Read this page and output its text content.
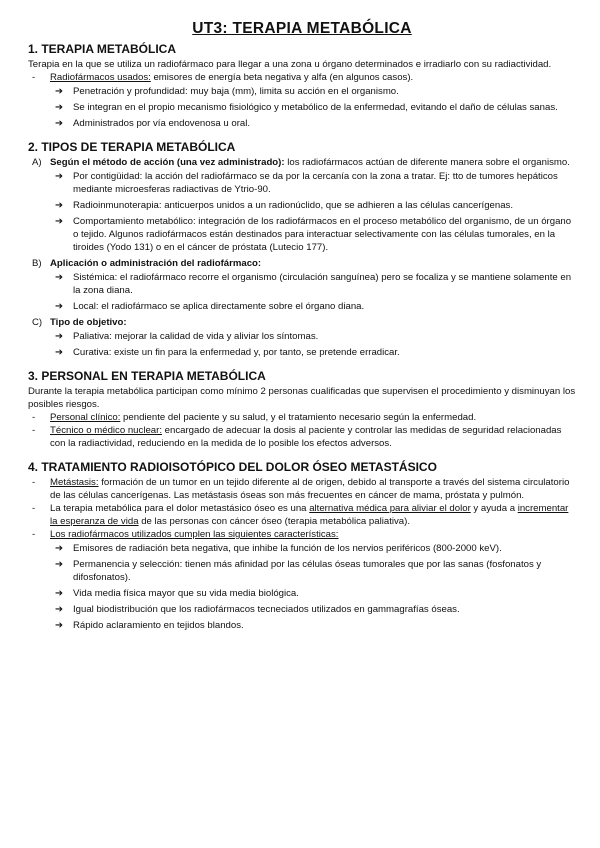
UT3: TERAPIA METABÓLICA
1. TERAPIA METABÓLICA

Terapia en la que se utiliza un radiofármaco para llegar a una zona u órgano determinados e irradiarlo con su radiactividad.

- Radiofármacos usados: emisores de energía beta negativa y alfa (en algunos casos).
➔ Penetración y profundidad: muy baja (mm), limita su acción en el organismo.
➔ Se integran en el propio mecanismo fisiológico y metabólico de la enfermedad, evitando el daño de células sanas.
➔ Administrados por vía endovenosa u oral.
2. TIPOS DE TERAPIA METABÓLICA
A) Según el método de acción (una vez administrado): los radiofármacos actúan de diferente manera sobre el organismo.
➔ Por contigüidad: la acción del radiofármaco se da por la cercanía con la zona a tratar. Ej: tto de tumores hepáticos mediante microesferas radiactivas de Ytrio-90.
➔ Radioinmunoterapia: anticuerpos unidos a un radionúclido, que se adhieren a las células cancerígenas.
➔ Comportamiento metabólico: integración de los radiofármacos en el proceso metabólico del organismo, de un órgano o tejido. Algunos radiofármacos están destinados para interactuar selectivamente con las células tumorales, en la tiroides (Yodo 131) o en el cáncer de próstata (Lutecio 177).
B) Aplicación o administración del radiofármaco:
➔ Sistémica: el radiofármaco recorre el organismo (circulación sanguínea) pero se focaliza y se mantiene solamente en la zona diana.
➔ Local: el radiofármaco se aplica directamente sobre el órgano diana.
C) Tipo de objetivo:
➔ Paliativa: mejorar la calidad de vida y aliviar los síntomas.
➔ Curativa: existe un fin para la enfermedad y, por tanto, se pretende erradicar.
3. PERSONAL EN TERAPIA METABÓLICA

Durante la terapia metabólica participan como mínimo 2 personas cualificadas que supervisen el procedimiento y disminuyan los posibles riesgos.

- Personal clínico: pendiente del paciente y su salud, y el tratamiento necesario según la enfermedad.
- Técnico o médico nuclear: encargado de adecuar la dosis al paciente y controlar las medidas de seguridad relacionadas con la radiactividad, reduciendo en la medida de lo posible los efectos adversos.
4. TRATAMIENTO RADIOISOTÓPICO DEL DOLOR ÓSEO METASTÁSICO
- Metástasis: formación de un tumor en un tejido diferente al de origen, debido al transporte a través del sistema circulatorio de las células cancerígenas. Las metástasis óseas son más frecuentes en cáncer de mama, próstata y pulmón.
- La terapia metabólica para el dolor metastásico óseo es una alternativa médica para aliviar el dolor y ayuda a incrementar la esperanza de vida de las personas con cáncer óseo (terapia metabólica paliativa).
- Los radiofármacos utilizados cumplen las siguientes características:
➔ Emisores de radiación beta negativa, que inhibe la función de los nervios periféricos (800-2000 keV).
➔ Permanencia y selección: tienen más afinidad por las células óseas tumorales que por las sanas (fosfonatos y difosfonatos).
➔ Vida media física mayor que su vida media biológica.
➔ Igual biodistribución que los radiofármacos tecneciados utilizados en gammagrafías óseas.
➔ Rápido aclaramiento en tejidos blandos.
